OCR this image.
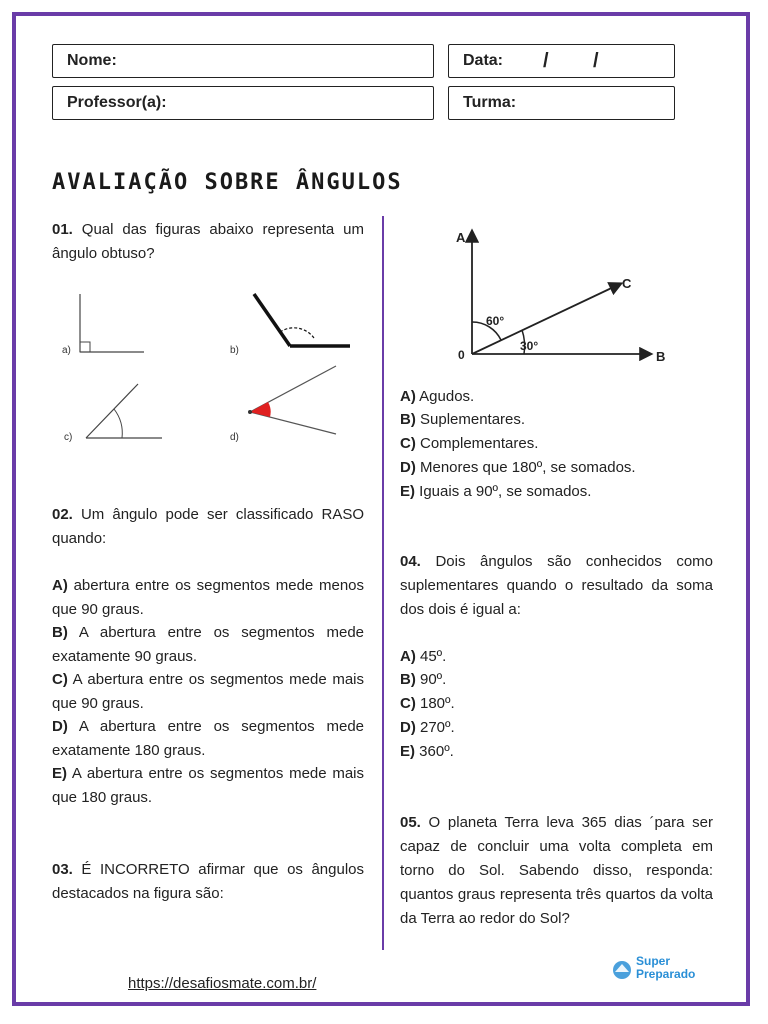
Nome:	Data: /        /
Professor(a):	Turma:
AVALIAÇÃO SOBRE ÂNGULOS
01. Qual das figuras abaixo representa um ângulo obtuso?
a)	b)
c)	d)
02. Um ângulo pode ser classificado RASO quando:
A) abertura entre os segmentos mede menos que 90 graus.
B) A abertura entre os segmentos mede exatamente 90 graus.
C) A abertura entre os segmentos mede mais que 90 graus.
D) A abertura entre os segmentos mede exatamente 180 graus.
E) A abertura entre os segmentos mede mais que 180 graus.
03. É INCORRETO afirmar que os ângulos destacados na figura são:
A
C
0	B
60°
30°
A) Agudos.
B) Suplementares.
C) Complementares.
D) Menores que 180º, se somados.
E) Iguais a 90º, se somados.
04. Dois ângulos são conhecidos como suplementares quando o resultado da soma dos dois é igual a:
A) 45º.
B) 90º.
C) 180º.
D) 270º.
E) 360º.
05. O planeta Terra leva 365 dias ´para ser capaz de concluir uma volta completa em torno do Sol. Sabendo disso, responda: quantos graus representa três quartos da volta da Terra ao redor do Sol?
https://desafiosmate.com.br/
Super
Preparado
